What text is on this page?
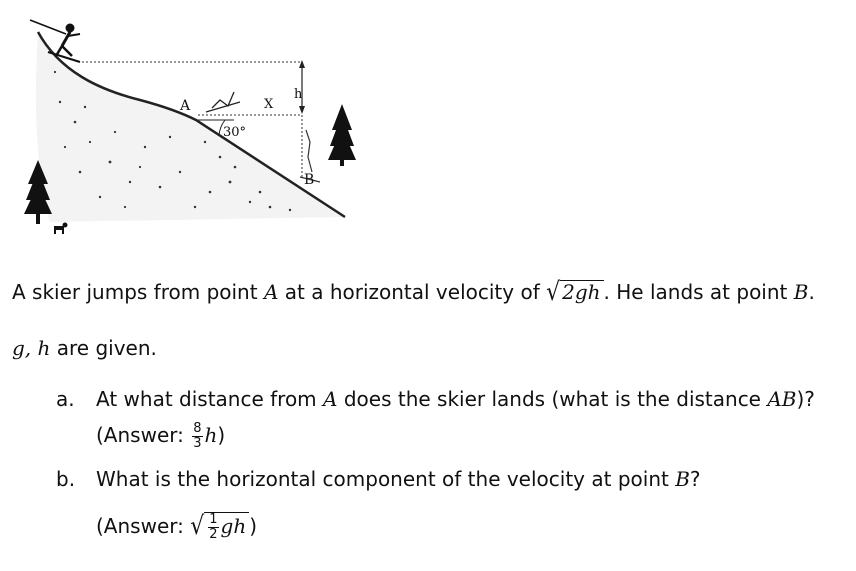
A
B
h
X
30°
A skier jumps from point A at a horizontal velocity of √ 2gh . He lands at point B.
g, h are given.
a. At what distance from A does the skier lands (what is the distance AB)?
(Answer: $\frac{8}{3} h$)
b. What is the horizontal component of the velocity at point B?
(Answer: √ $\frac{1}{2}$ gh )
